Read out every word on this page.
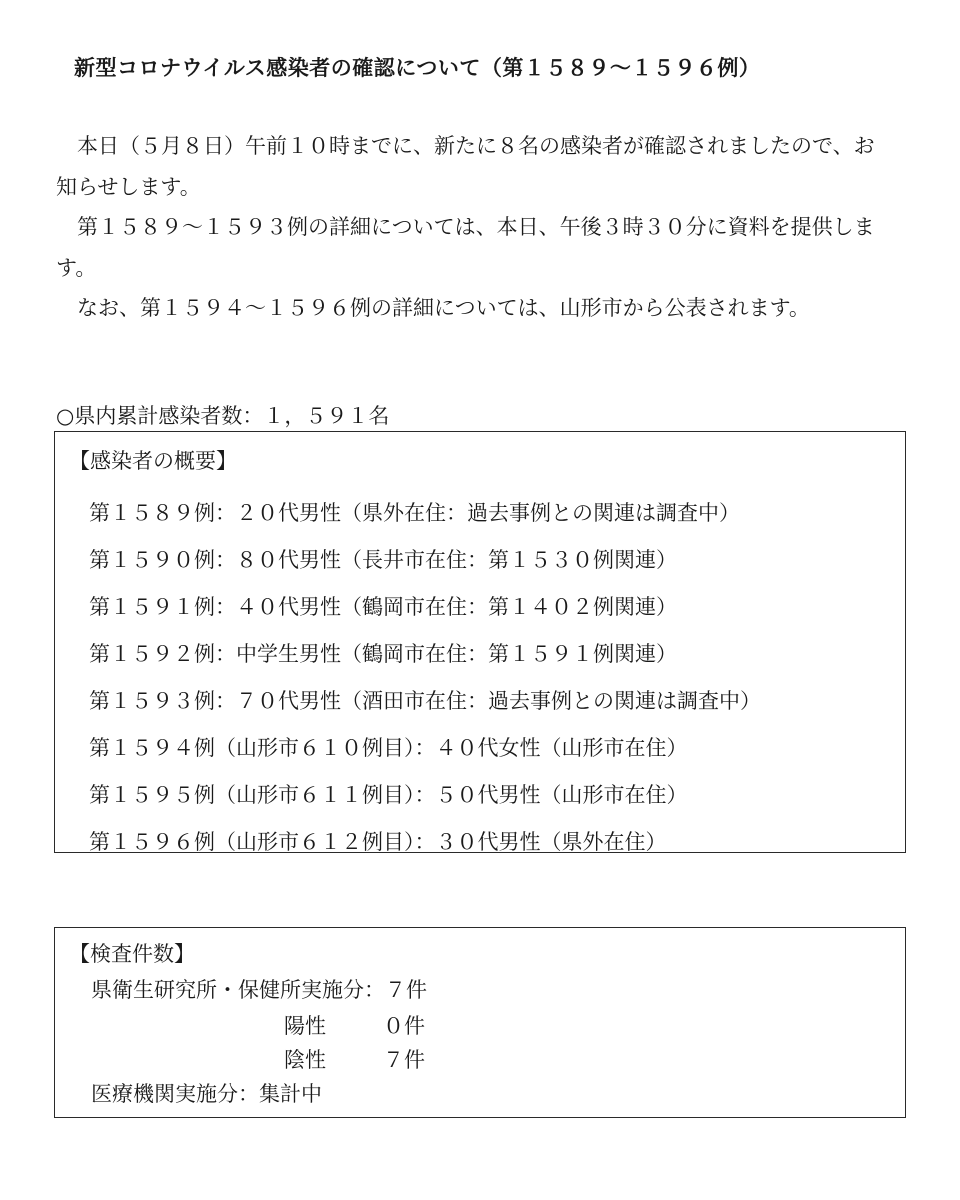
新型コロナウイルス感染者の確認について（第１５８９～１５９６例）

本日（５月８日）午前１０時までに、新たに８名の感染者が確認されましたので、お知らせします。

第１５８９～１５９３例の詳細については、本日、午後３時３０分に資料を提供します。

なお、第１５９４～１５９６例の詳細については、山形市から公表されます。

○県内累計感染者数：１，５９１名
【感染者の概要】
第１５８９例：２０代男性（県外在住：過去事例との関連は調査中）
第１５９０例：８０代男性（長井市在住：第１５３０例関連）
第１５９１例：４０代男性（鶴岡市在住：第１４０２例関連）
第１５９２例：中学生男性（鶴岡市在住：第１５９１例関連）
第１５９３例：７０代男性（酒田市在住：過去事例との関連は調査中）
第１５９４例（山形市６１０例目）：４０代女性（山形市在住）
第１５９５例（山形市６１１例目）：５０代男性（山形市在住）
第１５９６例（山形市６１２例目）：３０代男性（県外在住）
【検査件数】
県衛生研究所・保健所実施分：７件
陽性	０件
陰性	７件
医療機関実施分：集計中
